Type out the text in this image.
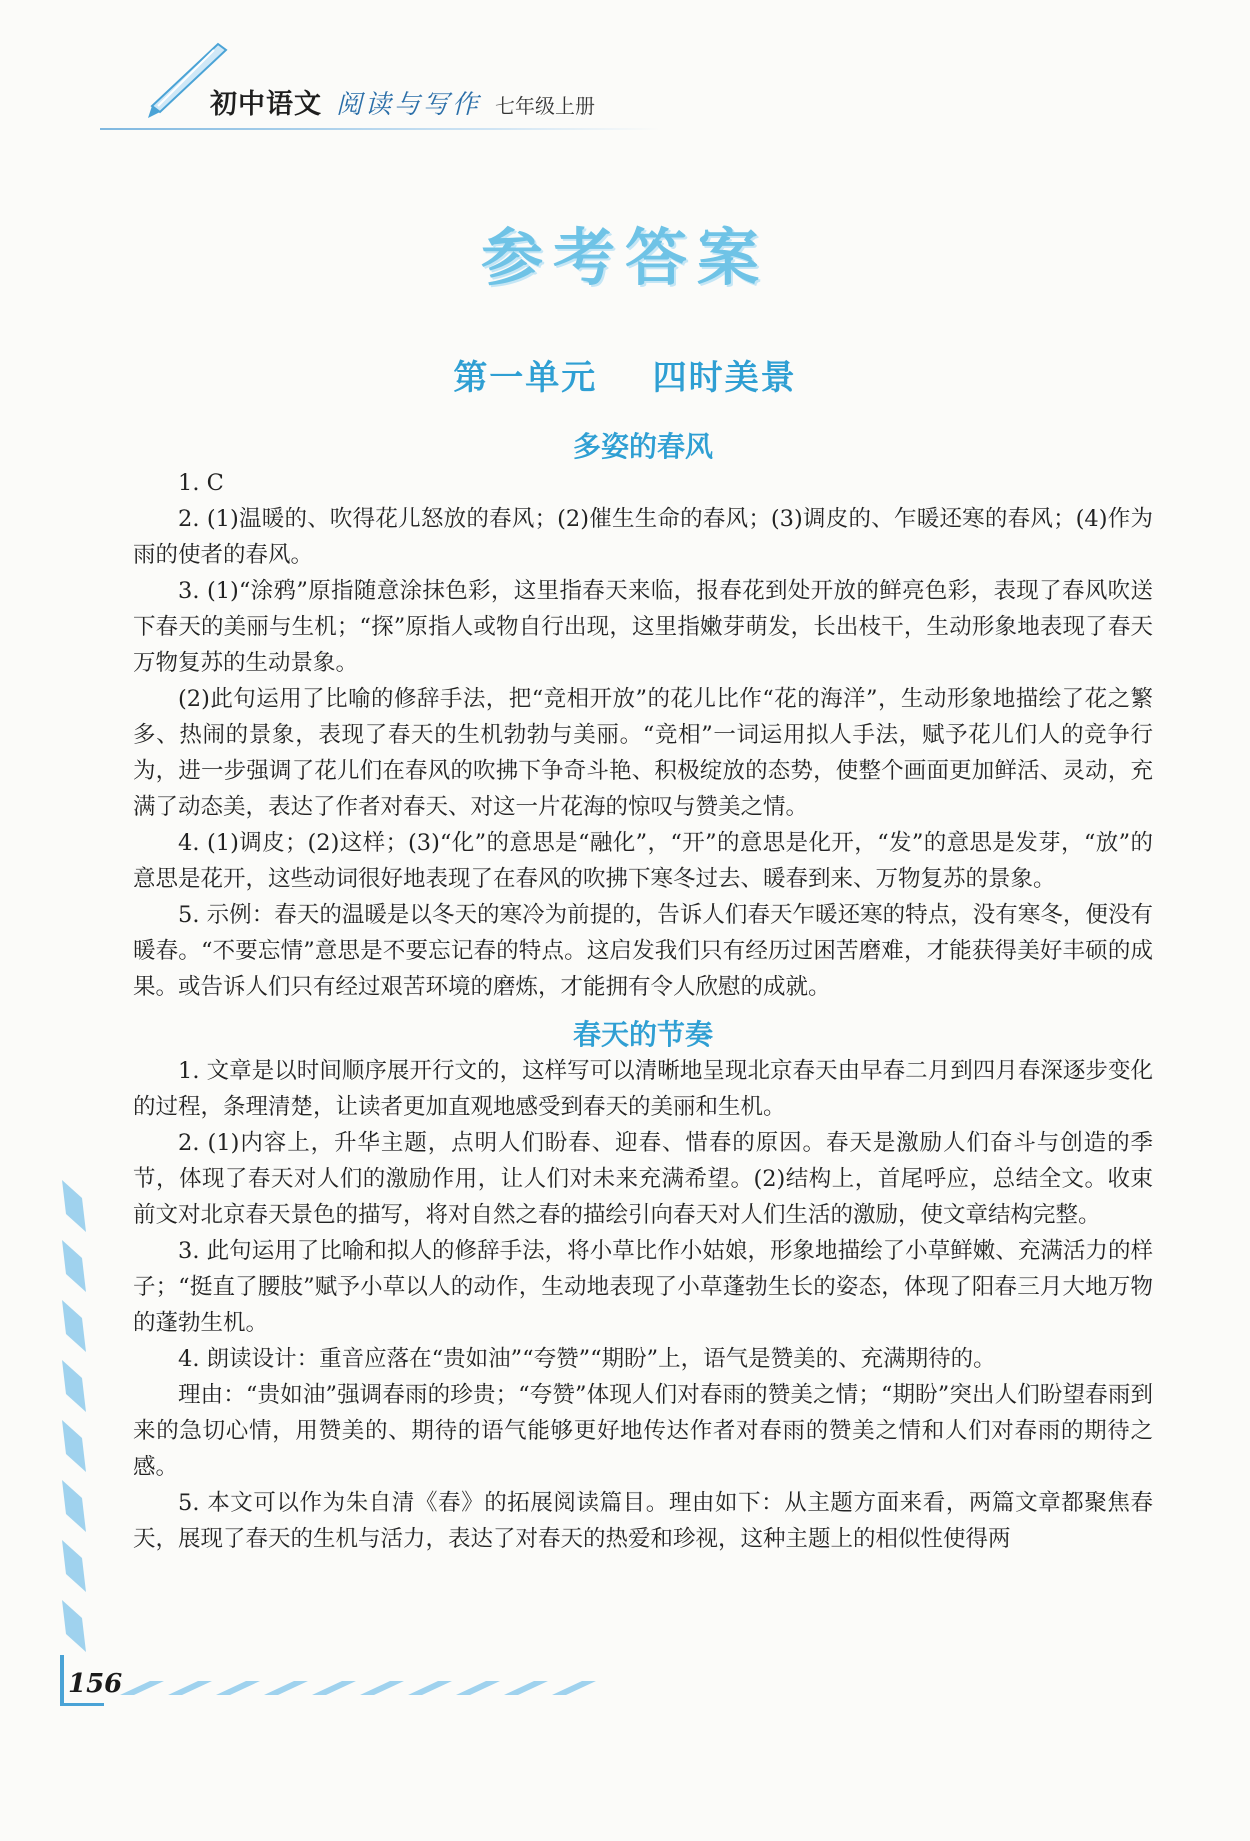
初中语文 阅读与写作 七年级上册
参考答案
第一单元    四时美景
多姿的春风

1. C

2. (1)温暖的、吹得花儿怒放的春风；(2)催生生命的春风；(3)调皮的、乍暖还寒的春风；(4)作为雨的使者的春风。

3. (1)“涂鸦”原指随意涂抹色彩，这里指春天来临，报春花到处开放的鲜亮色彩，表现了春风吹送下春天的美丽与生机；“探”原指人或物自行出现，这里指嫩芽萌发，长出枝干，生动形象地表现了春天万物复苏的生动景象。

(2)此句运用了比喻的修辞手法，把“竞相开放”的花儿比作“花的海洋”，生动形象地描绘了花之繁多、热闹的景象，表现了春天的生机勃勃与美丽。“竞相”一词运用拟人手法，赋予花儿们人的竞争行为，进一步强调了花儿们在春风的吹拂下争奇斗艳、积极绽放的态势，使整个画面更加鲜活、灵动，充满了动态美，表达了作者对春天、对这一片花海的惊叹与赞美之情。

4. (1)调皮；(2)这样；(3)“化”的意思是“融化”，“开”的意思是化开，“发”的意思是发芽，“放”的意思是花开，这些动词很好地表现了在春风的吹拂下寒冬过去、暖春到来、万物复苏的景象。

5. 示例：春天的温暖是以冬天的寒冷为前提的，告诉人们春天乍暖还寒的特点，没有寒冬，便没有暖春。“不要忘情”意思是不要忘记春的特点。这启发我们只有经历过困苦磨难，才能获得美好丰硕的成果。或告诉人们只有经过艰苦环境的磨炼，才能拥有令人欣慰的成就。

春天的节奏

1. 文章是以时间顺序展开行文的，这样写可以清晰地呈现北京春天由早春二月到四月春深逐步变化的过程，条理清楚，让读者更加直观地感受到春天的美丽和生机。

2. (1)内容上，升华主题，点明人们盼春、迎春、惜春的原因。春天是激励人们奋斗与创造的季节，体现了春天对人们的激励作用，让人们对未来充满希望。(2)结构上，首尾呼应，总结全文。收束前文对北京春天景色的描写，将对自然之春的描绘引向春天对人们生活的激励，使文章结构完整。

3. 此句运用了比喻和拟人的修辞手法，将小草比作小姑娘，形象地描绘了小草鲜嫩、充满活力的样子；“挺直了腰肢”赋予小草以人的动作，生动地表现了小草蓬勃生长的姿态，体现了阳春三月大地万物的蓬勃生机。

4. 朗读设计：重音应落在“贵如油”“夸赞”“期盼”上，语气是赞美的、充满期待的。

理由：“贵如油”强调春雨的珍贵；“夸赞”体现人们对春雨的赞美之情；“期盼”突出人们盼望春雨到来的急切心情，用赞美的、期待的语气能够更好地传达作者对春雨的赞美之情和人们对春雨的期待之感。

5. 本文可以作为朱自清《春》的拓展阅读篇目。理由如下：从主题方面来看，两篇文章都聚焦春天，展现了春天的生机与活力，表达了对春天的热爱和珍视，这种主题上的相似性使得两

156
